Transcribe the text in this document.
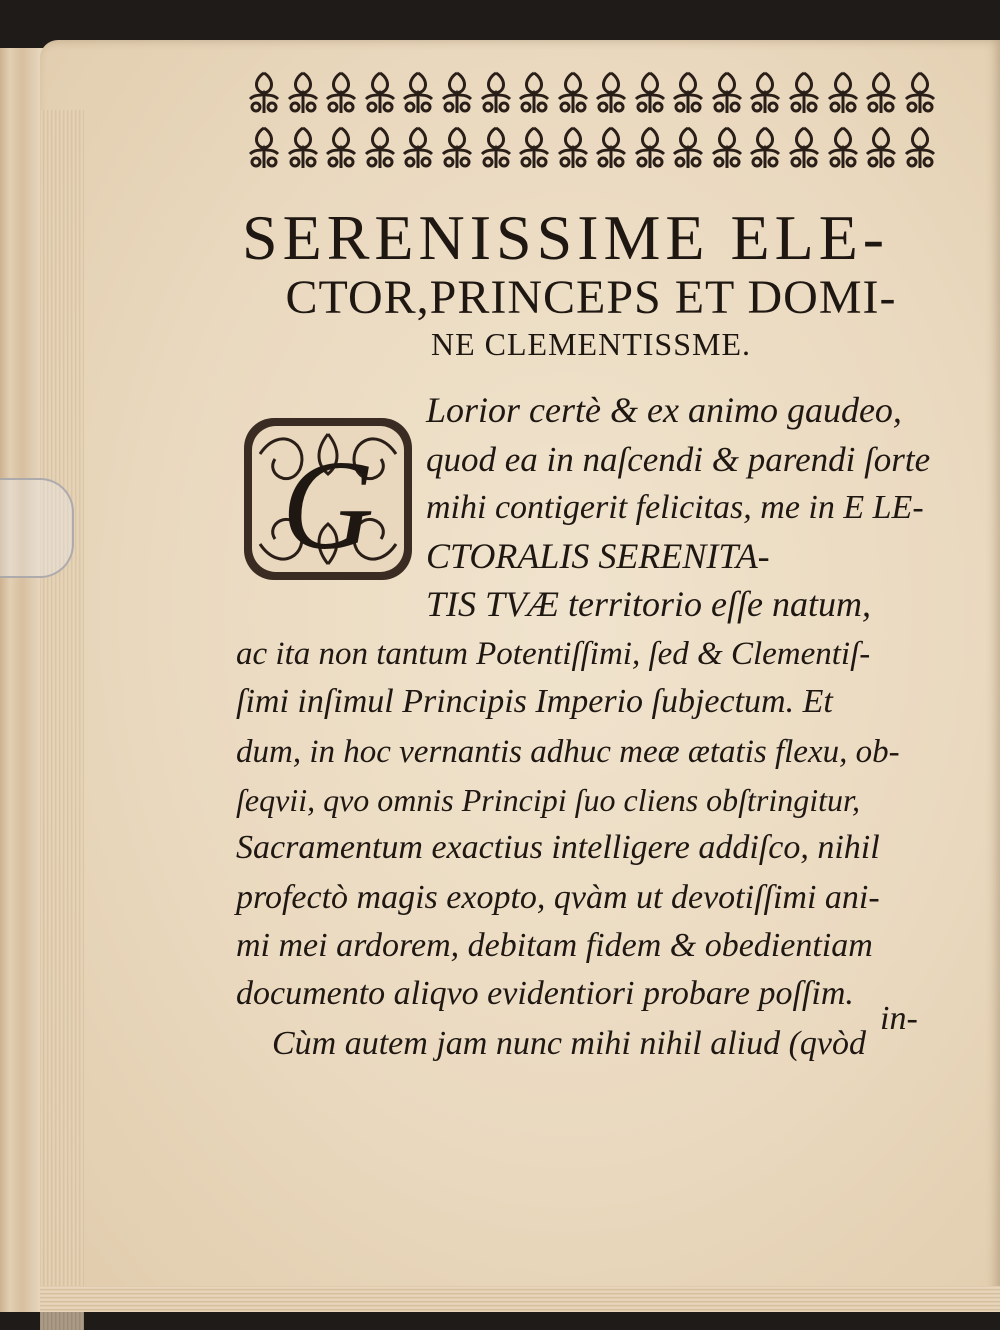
SERENISSIME ELE-
CTOR,PRINCEPS ET DOMI-
NE CLEMENTISSME.
G
Lorior certè & ex animo gaudeo,
quod ea in naſcendi & parendi ſorte
mihi contigerit felicitas, me in E LE-
CTORALIS SERENITA-
TIS TVÆ territorio eſſe natum,
ac ita non tantum Potentiſſimi, ſed & Clementiſ-
ſimi inſimul Principis Imperio ſubjectum. Et
dum, in hoc vernantis adhuc meæ ætatis flexu, ob-
ſeqvii, qvo omnis Principi ſuo cliens obſtringitur,
Sacramentum exactius intelligere addiſco, nihil
profectò magis exopto, qvàm ut devotiſſimi ani-
mi mei ardorem, debitam fidem & obedientiam
documento aliqvo evidentiori probare poſſim.
Cùm autem jam nunc mihi nihil aliud (qvòd
in-
